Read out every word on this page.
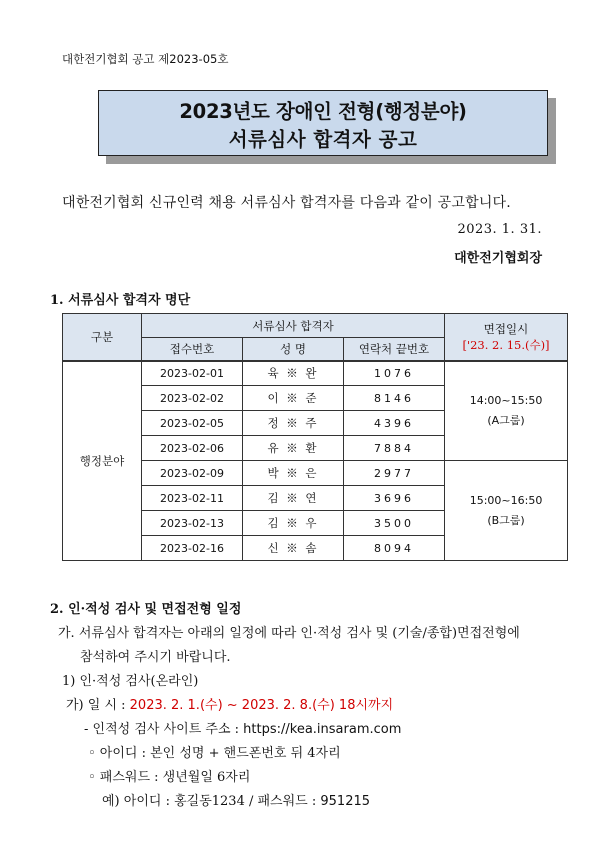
대한전기협회 공고 제2023-05호
2023년도 장애인 전형(행정분야)
서류심사 합격자 공고
대한전기협회 신규인력 채용 서류심사 합격자를 다음과 같이 공고합니다.
2023. 1. 31.
대한전기협회장
1. 서류심사 합격자 명단
구분	서류심사 합격자			면접일시
['23. 2. 15.(수)]

	접수번호	성 명	연락처 끝번호	
행정분야	2023-02-01	육 ※ 완	1076	14:00~15:50
(A그룹)

	2023-02-02	이 ※ 준	8146	
	2023-02-05	정 ※ 주	4396	
	2023-02-06	유 ※ 환	7884	
	2023-02-09	박 ※ 은	2977	15:00~16:50
(B그룹)

	2023-02-11	김 ※ 연	3696	
	2023-02-13	김 ※ 우	3500	
	2023-02-16	신 ※ 솜	8094	
2. 인·적성 검사 및 면접전형 일정
가. 서류심사 합격자는 아래의 일정에 따라 인·적성 검사 및 (기술/종합)면접전형에
참석하여 주시기 바랍니다.
1) 인·적성 검사(온라인)
가) 일 시 : 2023. 2. 1.(수) ~ 2023. 2. 8.(수) 18시까지
- 인적성 검사 사이트 주소 : https://kea.insaram.com
◦ 아이디 : 본인 성명 + 핸드폰번호 뒤 4자리
◦ 패스워드 : 생년월일 6자리
예) 아이디 : 홍길동1234 / 패스워드 : 951215
